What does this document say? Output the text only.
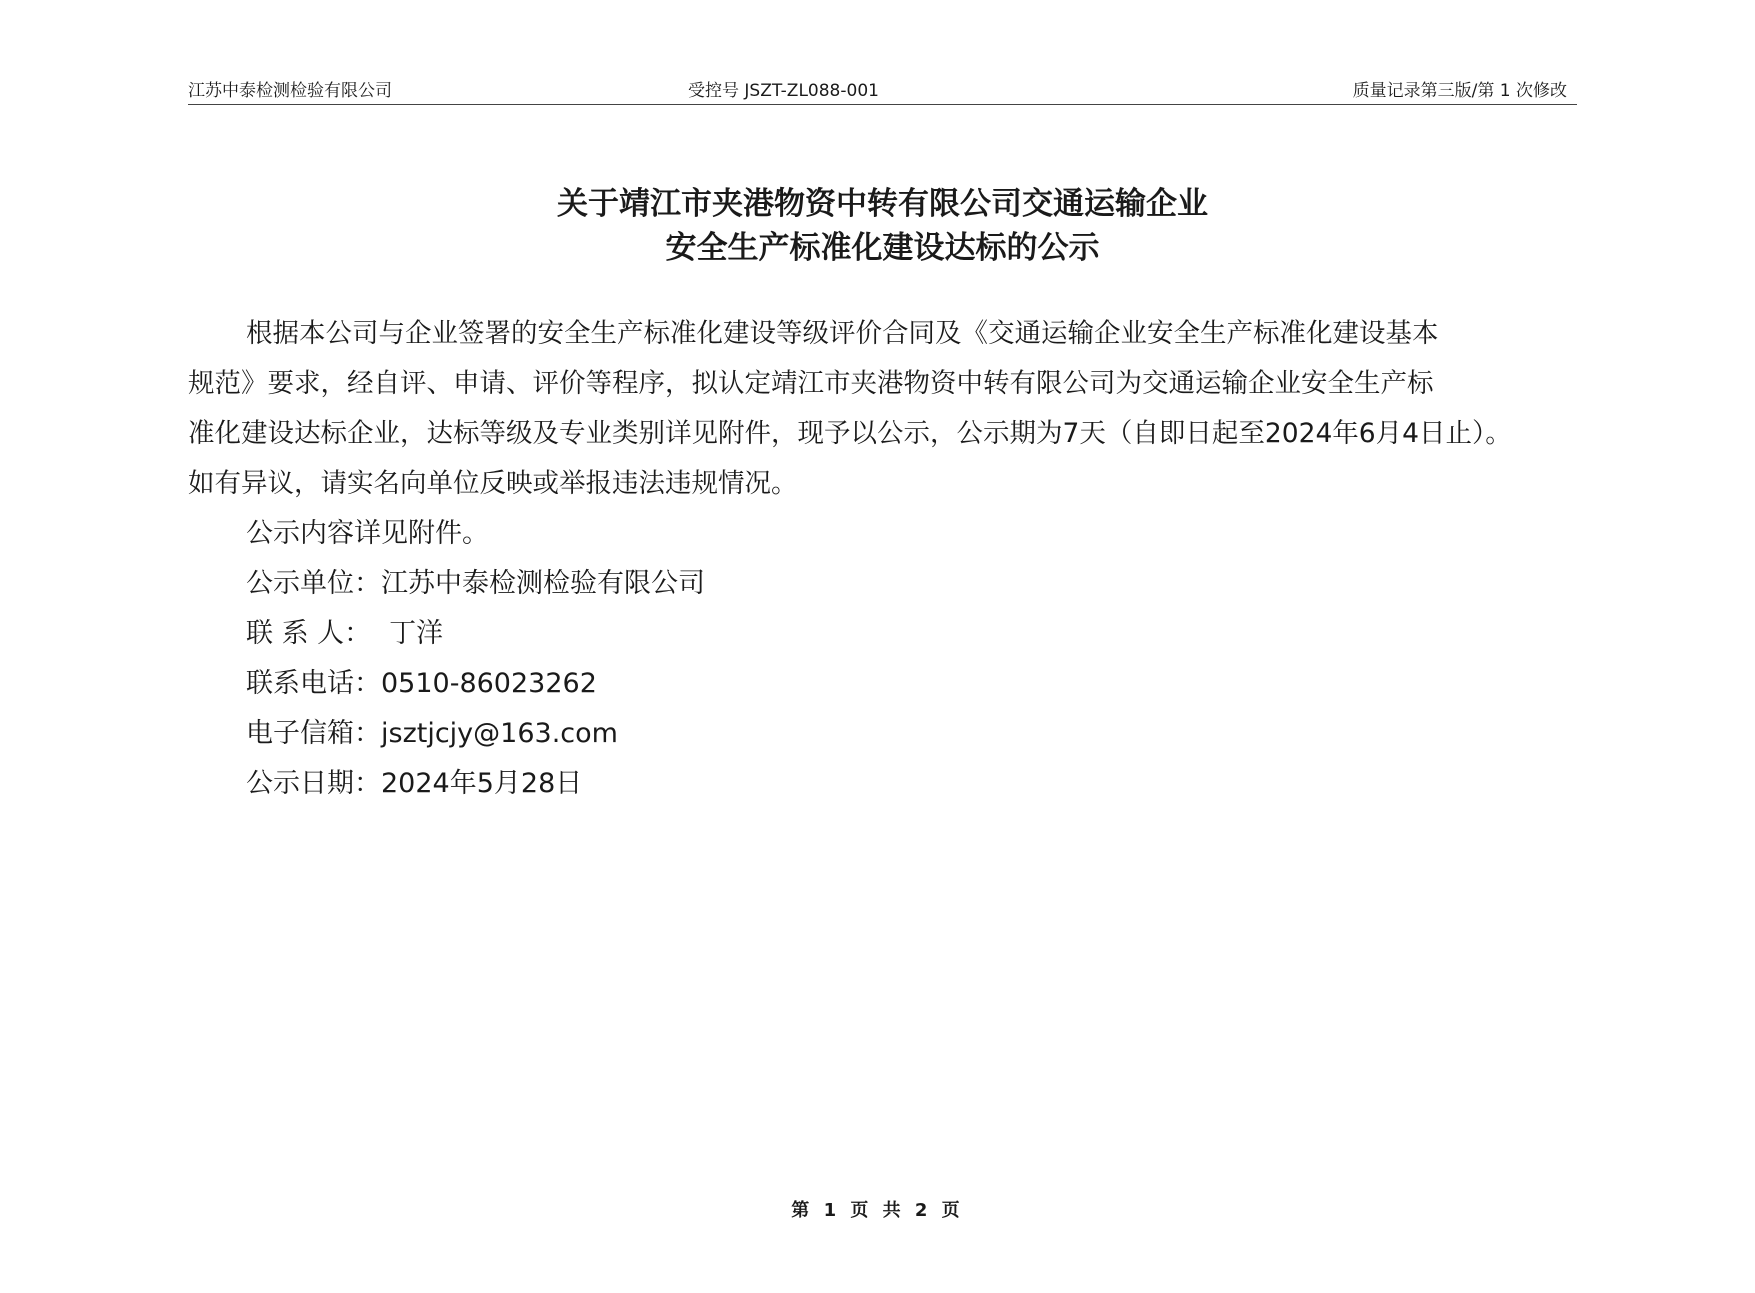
江苏中泰检测检验有限公司	受控号 JSZT-ZL088-001	质量记录第三版/第 1 次修改
关于靖江市夹港物资中转有限公司交通运输企业
安全生产标准化建设达标的公示
根据本公司与企业签署的安全生产标准化建设等级评价合同及《交通运输企业安全生产标准化建设基本
规范》要求，经自评、申请、评价等程序，拟认定靖江市夹港物资中转有限公司为交通运输企业安全生产标
准化建设达标企业，达标等级及专业类别详见附件，现予以公示，公示期为7天（自即日起至2024年6月4日止）。
如有异议，请实名向单位反映或举报违法违规情况。
公示内容详见附件。
公示单位：江苏中泰检测检验有限公司
联 系 人： 丁洋
联系电话：0510-86023262
电子信箱：jsztjcjy@163.com
公示日期：2024年5月28日
第 1 页 共 2 页
